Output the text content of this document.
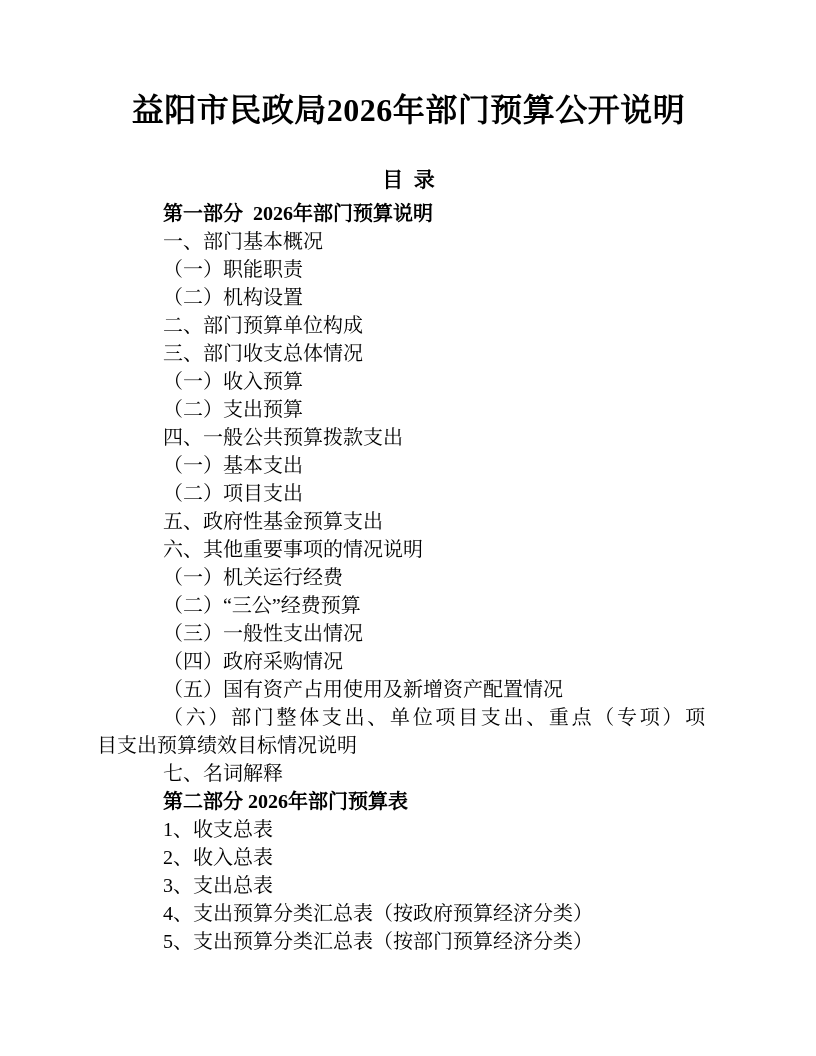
益阳市民政局2026年部门预算公开说明
目  录
第一部分  2026年部门预算说明
一、部门基本概况
（一）职能职责
（二）机构设置
二、部门预算单位构成
三、部门收支总体情况
（一）收入预算
（二）支出预算
四、一般公共预算拨款支出
（一）基本支出
（二）项目支出
五、政府性基金预算支出
六、其他重要事项的情况说明
（一）机关运行经费
（二）“三公”经费预算
（三）一般性支出情况
（四）政府采购情况
（五）国有资产占用使用及新增资产配置情况
（六）部门整体支出、单位项目支出、重点（专项）项
目支出预算绩效目标情况说明
七、名词解释
第二部分 2026年部门预算表
1、收支总表
2、收入总表
3、支出总表
4、支出预算分类汇总表（按政府预算经济分类）
5、支出预算分类汇总表（按部门预算经济分类）
